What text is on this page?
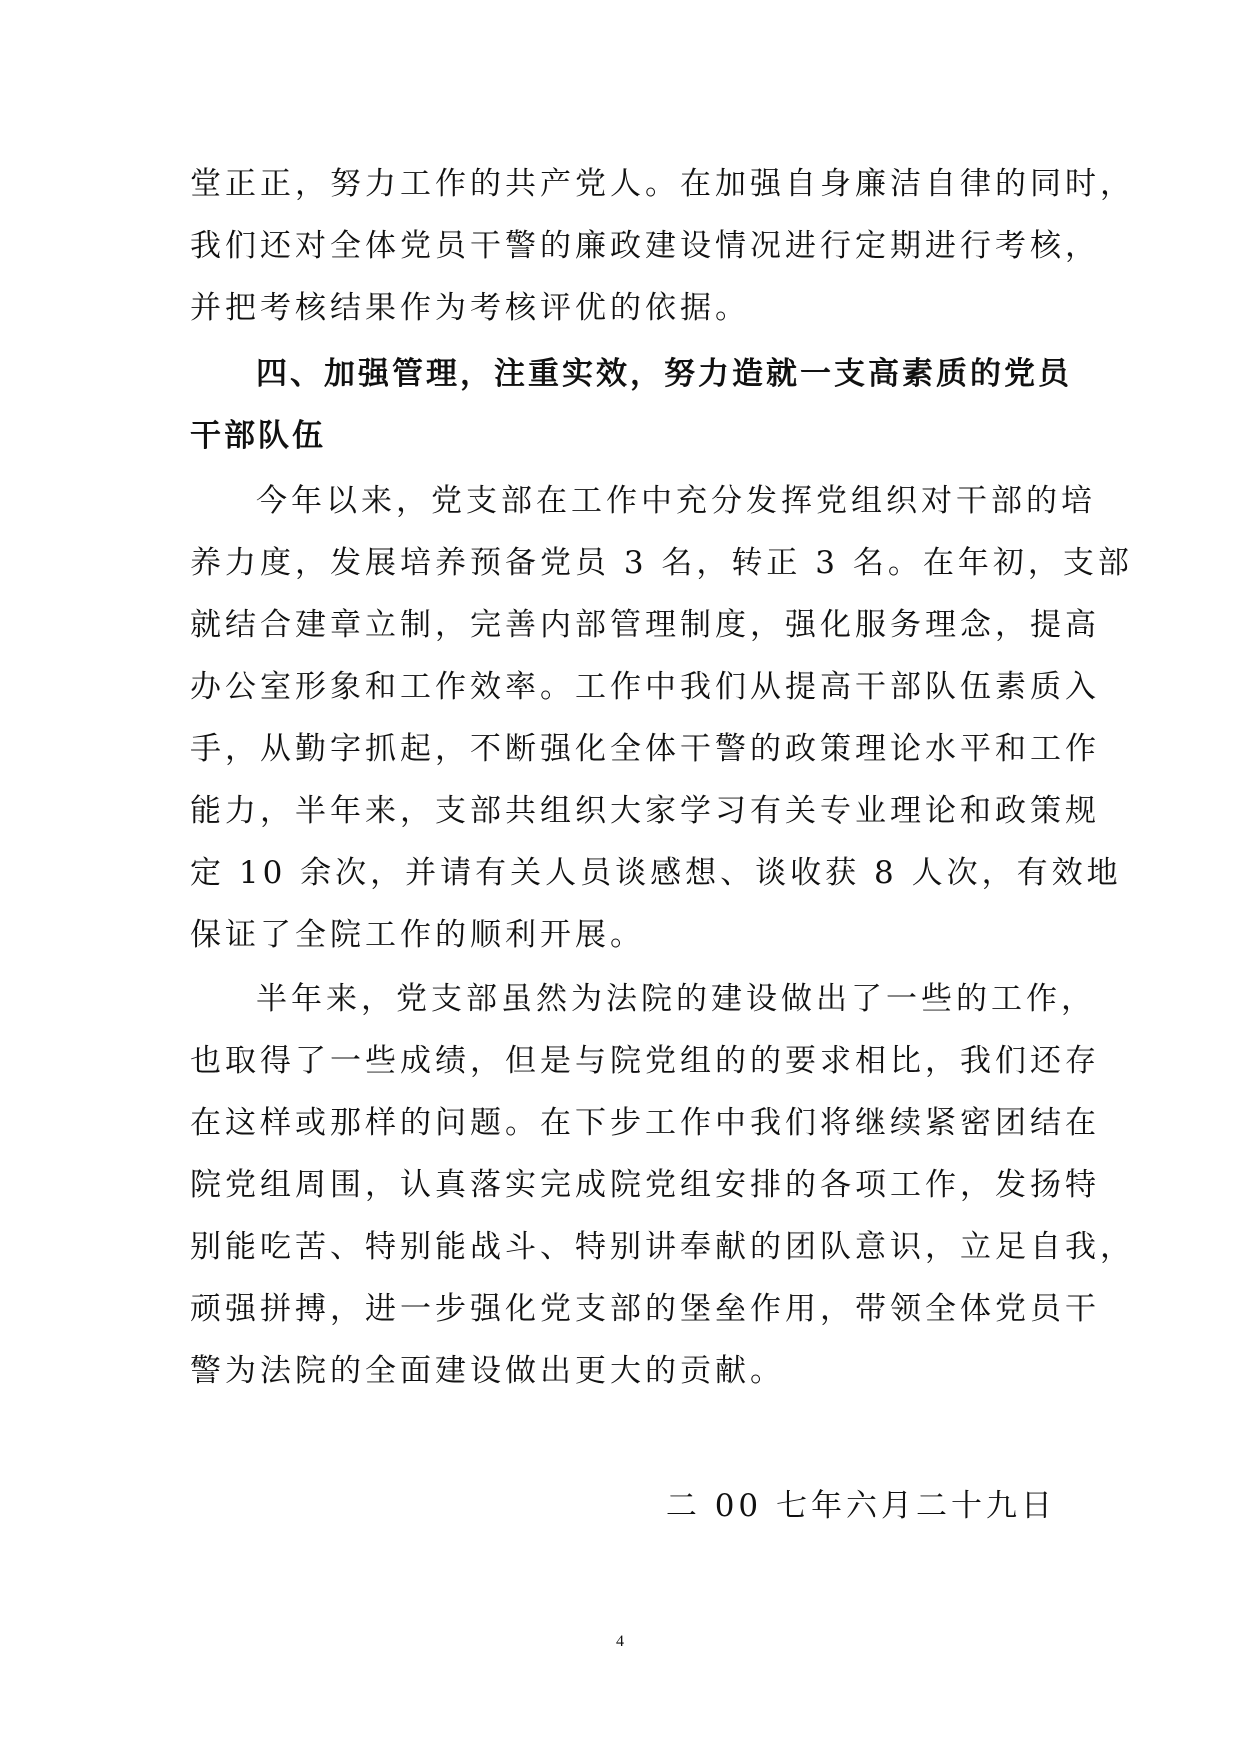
堂正正，努力工作的共产党人。在加强自身廉洁自律的同时，
我们还对全体党员干警的廉政建设情况进行定期进行考核，
并把考核结果作为考核评优的依据。
四、加强管理，注重实效，努力造就一支高素质的党员
干部队伍
今年以来，党支部在工作中充分发挥党组织对干部的培
养力度，发展培养预备党员 3 名，转正 3 名。在年初，支部
就结合建章立制，完善内部管理制度，强化服务理念，提高
办公室形象和工作效率。工作中我们从提高干部队伍素质入
手，从勤字抓起，不断强化全体干警的政策理论水平和工作
能力，半年来，支部共组织大家学习有关专业理论和政策规
定 10 余次，并请有关人员谈感想、谈收获 8 人次，有效地
保证了全院工作的顺利开展。
半年来，党支部虽然为法院的建设做出了一些的工作，
也取得了一些成绩，但是与院党组的的要求相比，我们还存
在这样或那样的问题。在下步工作中我们将继续紧密团结在
院党组周围，认真落实完成院党组安排的各项工作，发扬特
别能吃苦、特别能战斗、特别讲奉献的团队意识，立足自我，
顽强拼搏，进一步强化党支部的堡垒作用，带领全体党员干
警为法院的全面建设做出更大的贡献。
二 00 七年六月二十九日
4
